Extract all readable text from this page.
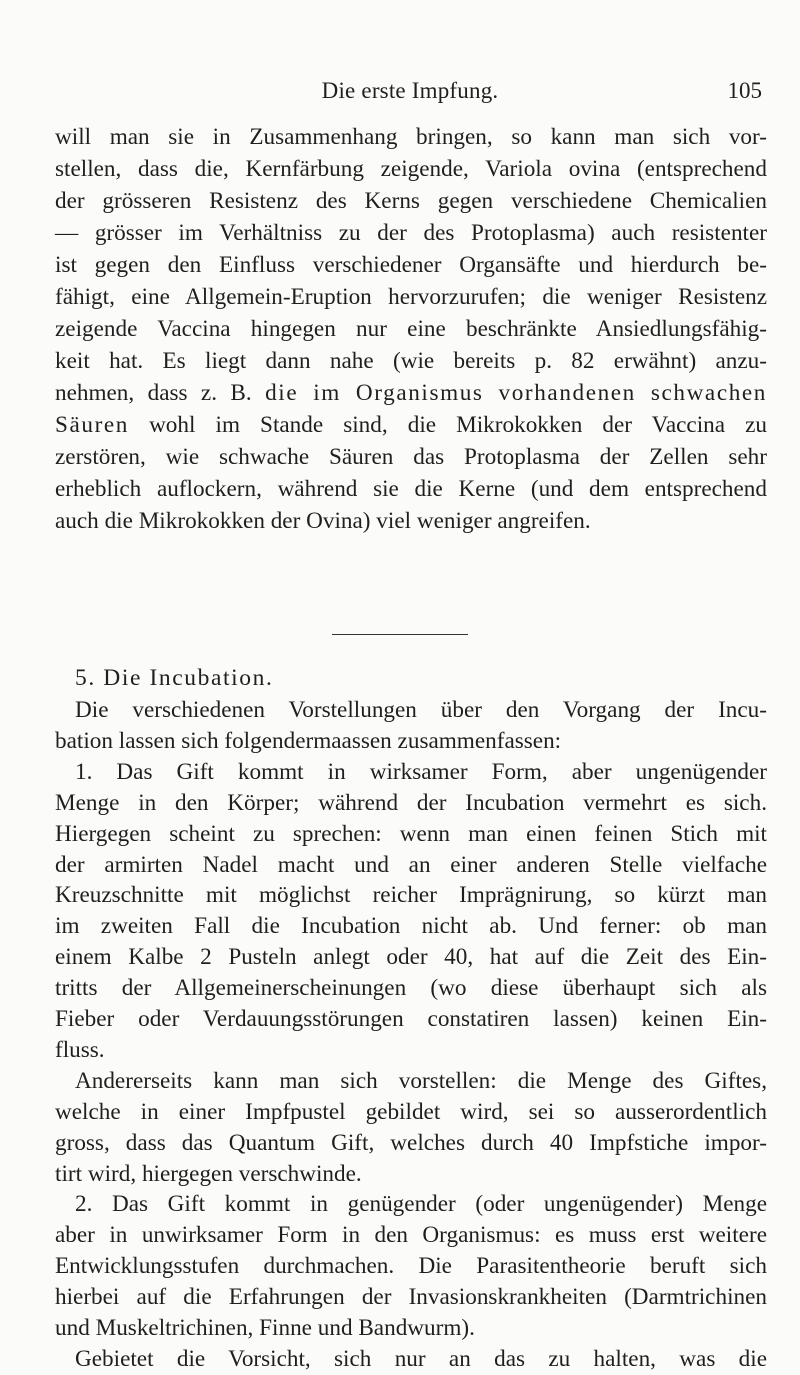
Die erste Impfung.	105
will man sie in Zusammenhang bringen, so kann man sich vor-
stellen, dass die, Kernfärbung zeigende, Variola ovina (entsprechend
der grösseren Resistenz des Kerns gegen verschiedene Chemicalien
— grösser im Verhältniss zu der des Protoplasma) auch resistenter
ist gegen den Einfluss verschiedener Organsäfte und hierdurch be-
fähigt, eine Allgemein-Eruption hervorzurufen; die weniger Resistenz
zeigende Vaccina hingegen nur eine beschränkte Ansiedlungsfähig-
keit hat. Es liegt dann nahe (wie bereits p. 82 erwähnt) anzu-
nehmen, dass z. B. die im Organismus vorhandenen schwachen
Säuren wohl im Stande sind, die Mikrokokken der Vaccina zu
zerstören, wie schwache Säuren das Protoplasma der Zellen sehr
erheblich auflockern, während sie die Kerne (und dem entsprechend
auch die Mikrokokken der Ovina) viel weniger angreifen.
5. Die Incubation.
Die verschiedenen Vorstellungen über den Vorgang der Incu-
bation lassen sich folgendermaassen zusammenfassen:
1. Das Gift kommt in wirksamer Form, aber ungenügender
Menge in den Körper; während der Incubation vermehrt es sich.
Hiergegen scheint zu sprechen: wenn man einen feinen Stich mit
der armirten Nadel macht und an einer anderen Stelle vielfache
Kreuzschnitte mit möglichst reicher Imprägnirung, so kürzt man
im zweiten Fall die Incubation nicht ab. Und ferner: ob man
einem Kalbe 2 Pusteln anlegt oder 40, hat auf die Zeit des Ein-
tritts der Allgemeinerscheinungen (wo diese überhaupt sich als
Fieber oder Verdauungsstörungen constatiren lassen) keinen Ein-
fluss.
Andererseits kann man sich vorstellen: die Menge des Giftes,
welche in einer Impfpustel gebildet wird, sei so ausserordentlich
gross, dass das Quantum Gift, welches durch 40 Impfstiche impor-
tirt wird, hiergegen verschwinde.
2. Das Gift kommt in genügender (oder ungenügender) Menge
aber in unwirksamer Form in den Organismus: es muss erst weitere
Entwicklungsstufen durchmachen. Die Parasitentheorie beruft sich
hierbei auf die Erfahrungen der Invasionskrankheiten (Darmtrichinen
und Muskeltrichinen, Finne und Bandwurm).
Gebietet die Vorsicht, sich nur an das zu halten, was die
